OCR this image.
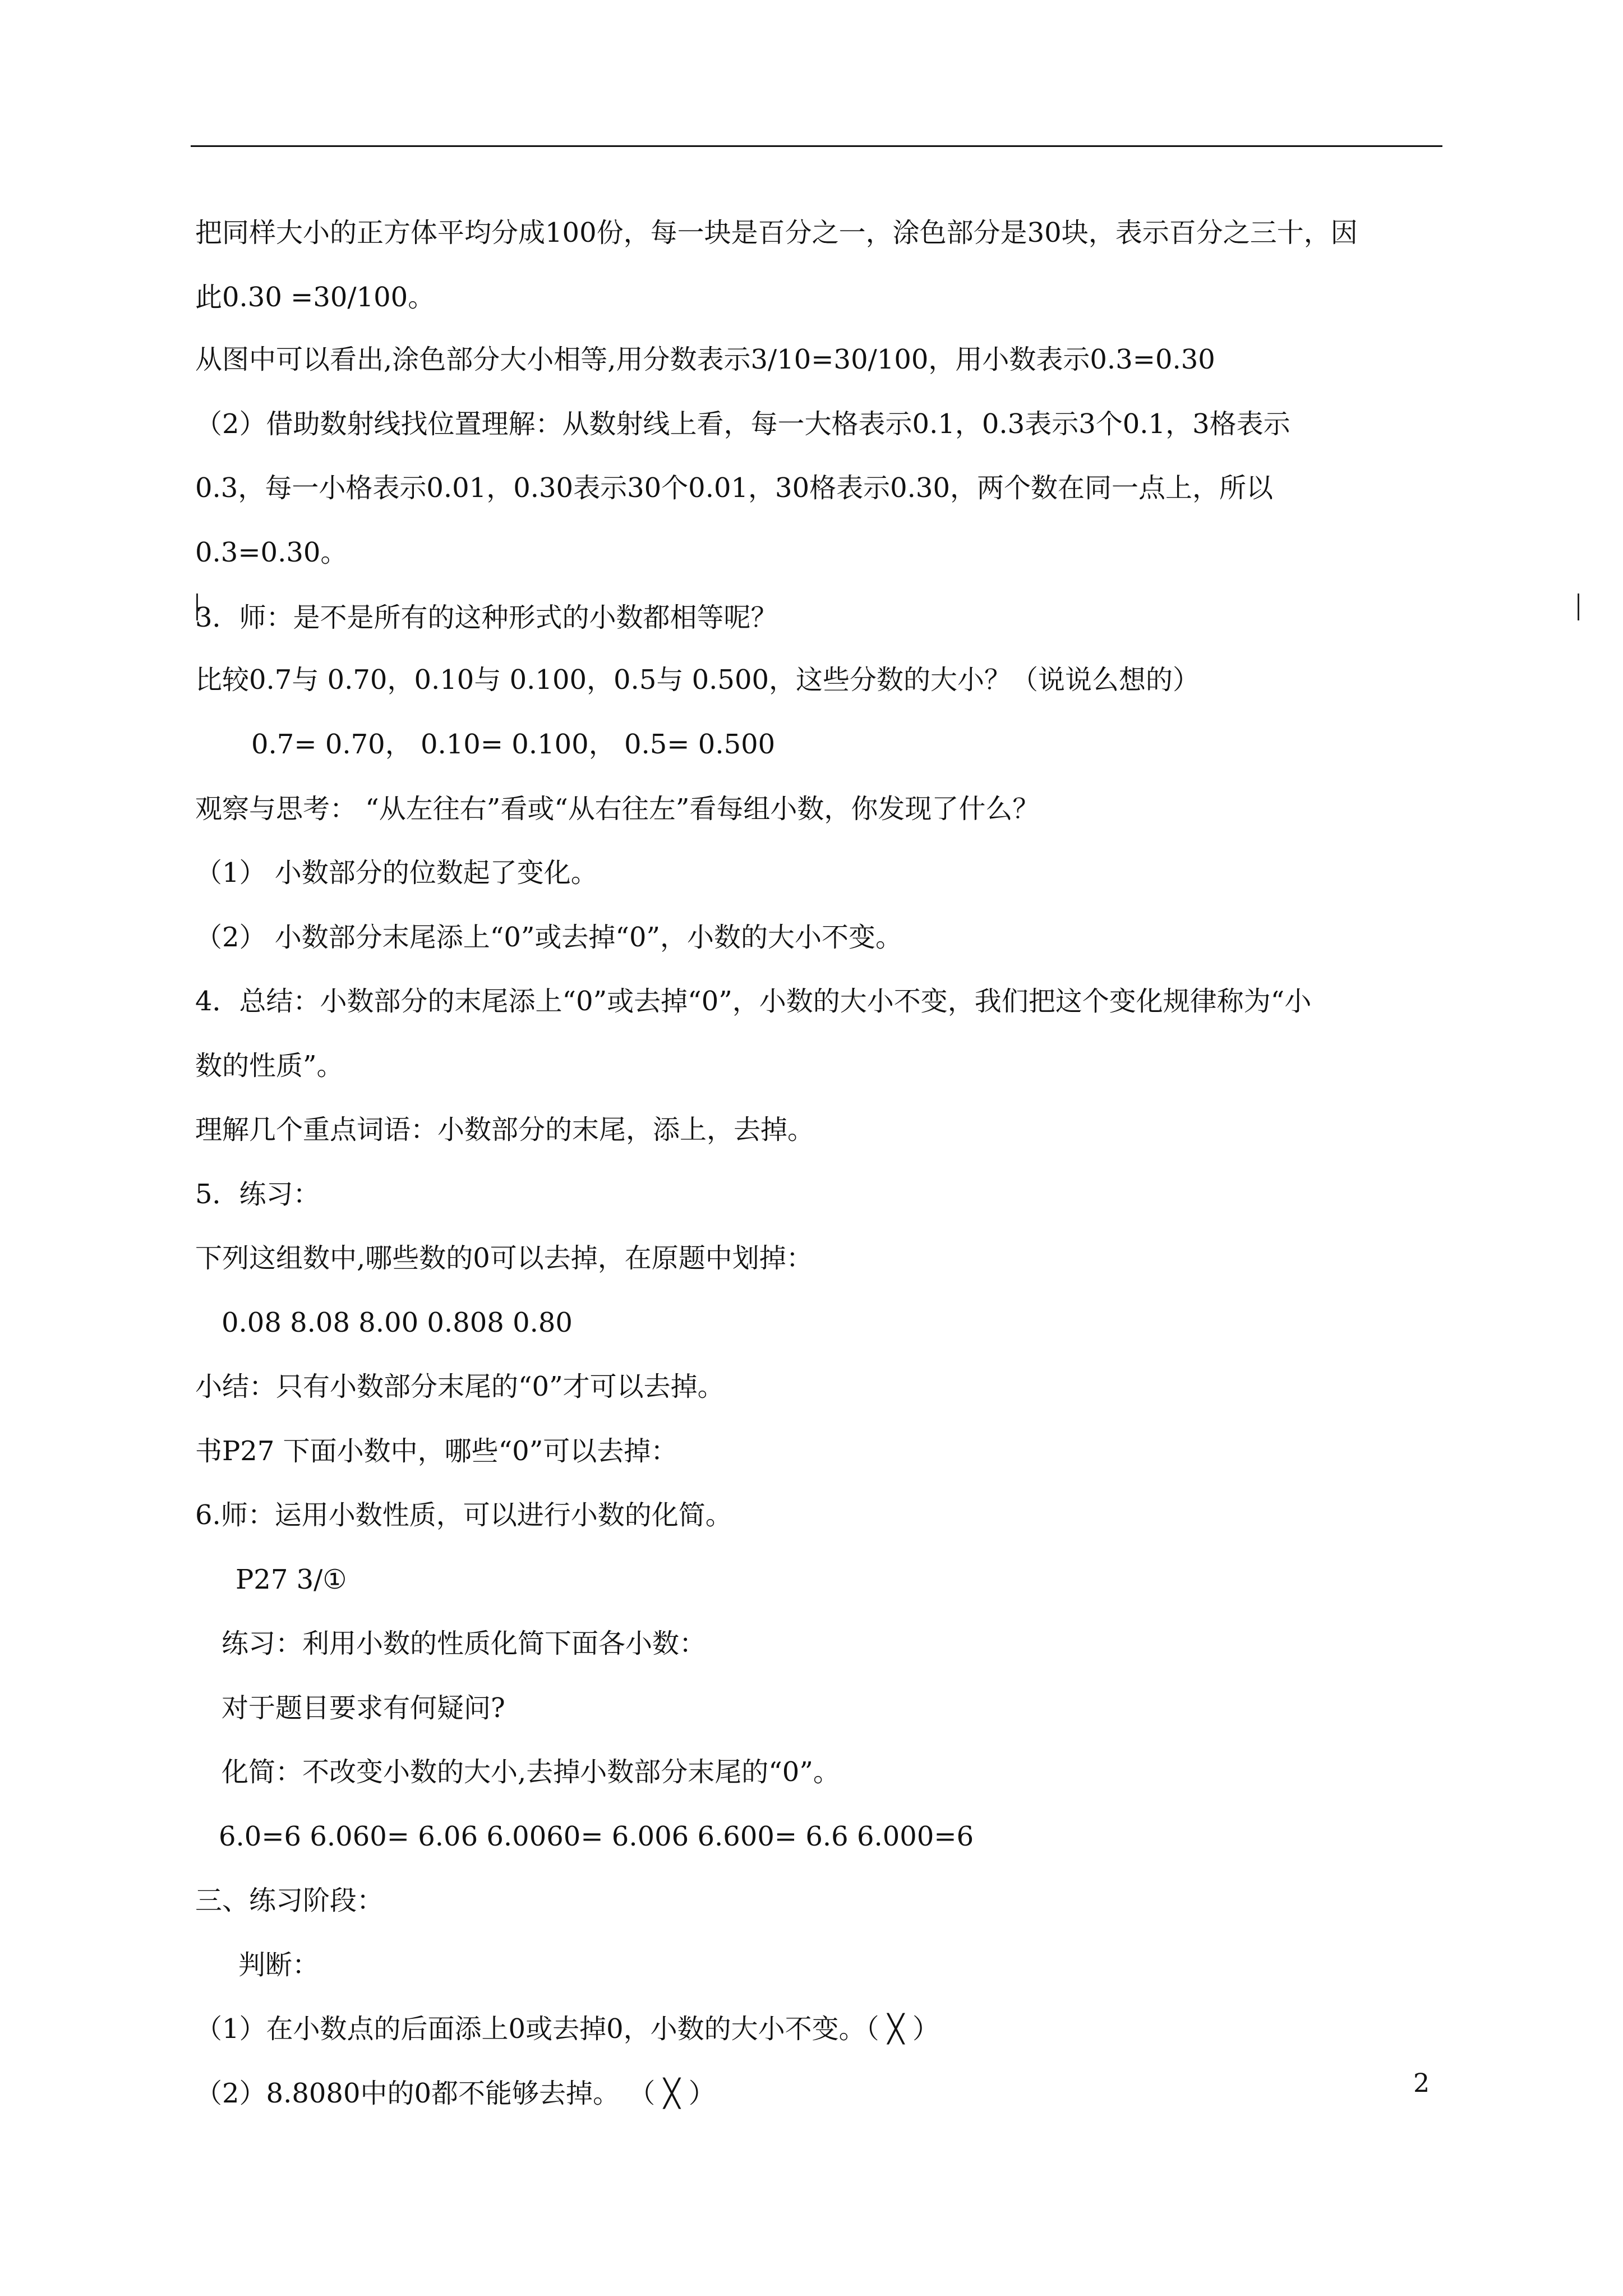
把同样大小的正方体平均分成100份，每一块是百分之一，涂色部分是30块，表示百分之三十，因
此0.30 =30/100。
从图中可以看出,涂色部分大小相等,用分数表示3/10=30/100，用小数表示0.3=0.30
（2）借助数射线找位置理解：从数射线上看，每一大格表示0.1，0.3表示3个0.1，3格表示
0.3，每一小格表示0.01，0.30表示30个0.01，30格表示0.30，两个数在同一点上，所以
0.3=0.30。
3．师：是不是所有的这种形式的小数都相等呢？
比较0.7与 0.70，0.10与 0.100，0.5与 0.500，这些分数的大小？（说说么想的）
0.7= 0.70， 0.10= 0.100， 0.5= 0.500
观察与思考： “从左往右”看或“从右往左”看每组小数，你发现了什么？
（1） 小数部分的位数起了变化。
（2） 小数部分末尾添上“0”或去掉“0”，小数的大小不变。
4．总结：小数部分的末尾添上“0”或去掉“0”，小数的大小不变，我们把这个变化规律称为“小
数的性质”。
理解几个重点词语：小数部分的末尾，添上，去掉。
5．练习：
下列这组数中,哪些数的0可以去掉，在原题中划掉：
0.08 8.08 8.00 0.808 0.80
小结：只有小数部分末尾的“0”才可以去掉。
书P27 下面小数中，哪些“0”可以去掉：
6.师：运用小数性质，可以进行小数的化简。
P27 3/①
练习：利用小数的性质化简下面各小数：
对于题目要求有何疑问?
化简：不改变小数的大小,去掉小数部分末尾的“0”。
6.0=6 6.060= 6.06 6.0060= 6.006 6.600= 6.6 6.000=6
三、练习阶段：
判断：
（1）在小数点的后面添上0或去掉0，小数的大小不变。（ ╳ ）
（2）8.8080中的0都不能够去掉。 （ ╳ ）	2
